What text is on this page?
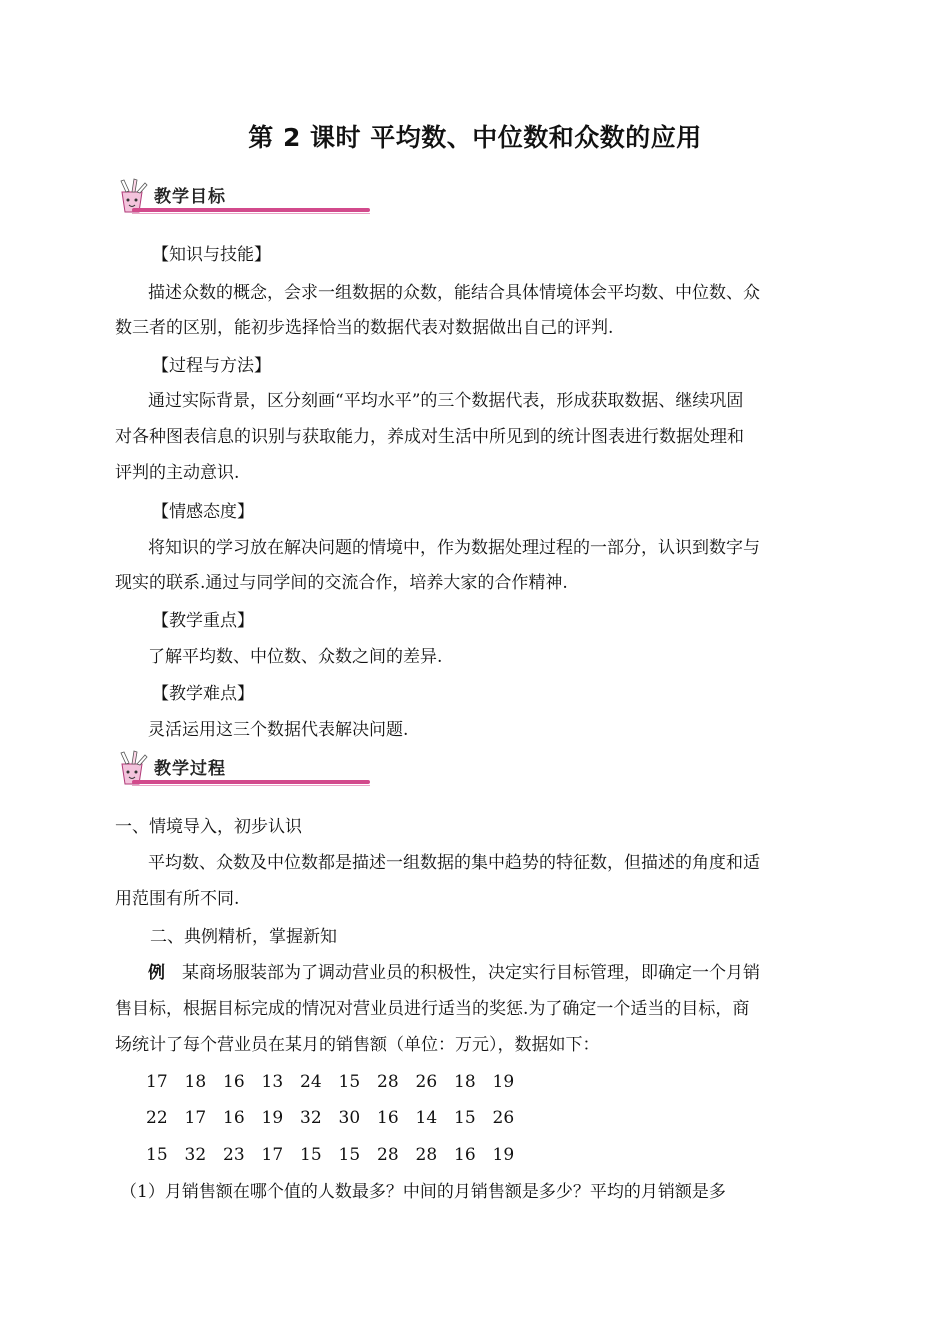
第 2 课时 平均数、中位数和众数的应用
教学目标
【知识与技能】
描述众数的概念，会求一组数据的众数，能结合具体情境体会平均数、中位数、众
数三者的区别，能初步选择恰当的数据代表对数据做出自己的评判.
【过程与方法】
通过实际背景，区分刻画“平均水平”的三个数据代表，形成获取数据、继续巩固
对各种图表信息的识别与获取能力，养成对生活中所见到的统计图表进行数据处理和
评判的主动意识.
【情感态度】
将知识的学习放在解决问题的情境中，作为数据处理过程的一部分，认识到数字与
现实的联系.通过与同学间的交流合作，培养大家的合作精神.
【教学重点】
了解平均数、中位数、众数之间的差异.
【教学难点】
灵活运用这三个数据代表解决问题.
教学过程
一、情境导入，初步认识
平均数、众数及中位数都是描述一组数据的集中趋势的特征数，但描述的角度和适
用范围有所不同.
二、典例精析，掌握新知
例 某商场服装部为了调动营业员的积极性，决定实行目标管理，即确定一个月销
售目标，根据目标完成的情况对营业员进行适当的奖惩.为了确定一个适当的目标，商
场统计了每个营业员在某月的销售额（单位：万元），数据如下：
17 18 16 13 24 15 28 26 18 19
22 17 16 19 32 30 16 14 15 26
15 32 23 17 15 15 28 28 16 19
（1）月销售额在哪个值的人数最多？中间的月销售额是多少？平均的月销额是多
